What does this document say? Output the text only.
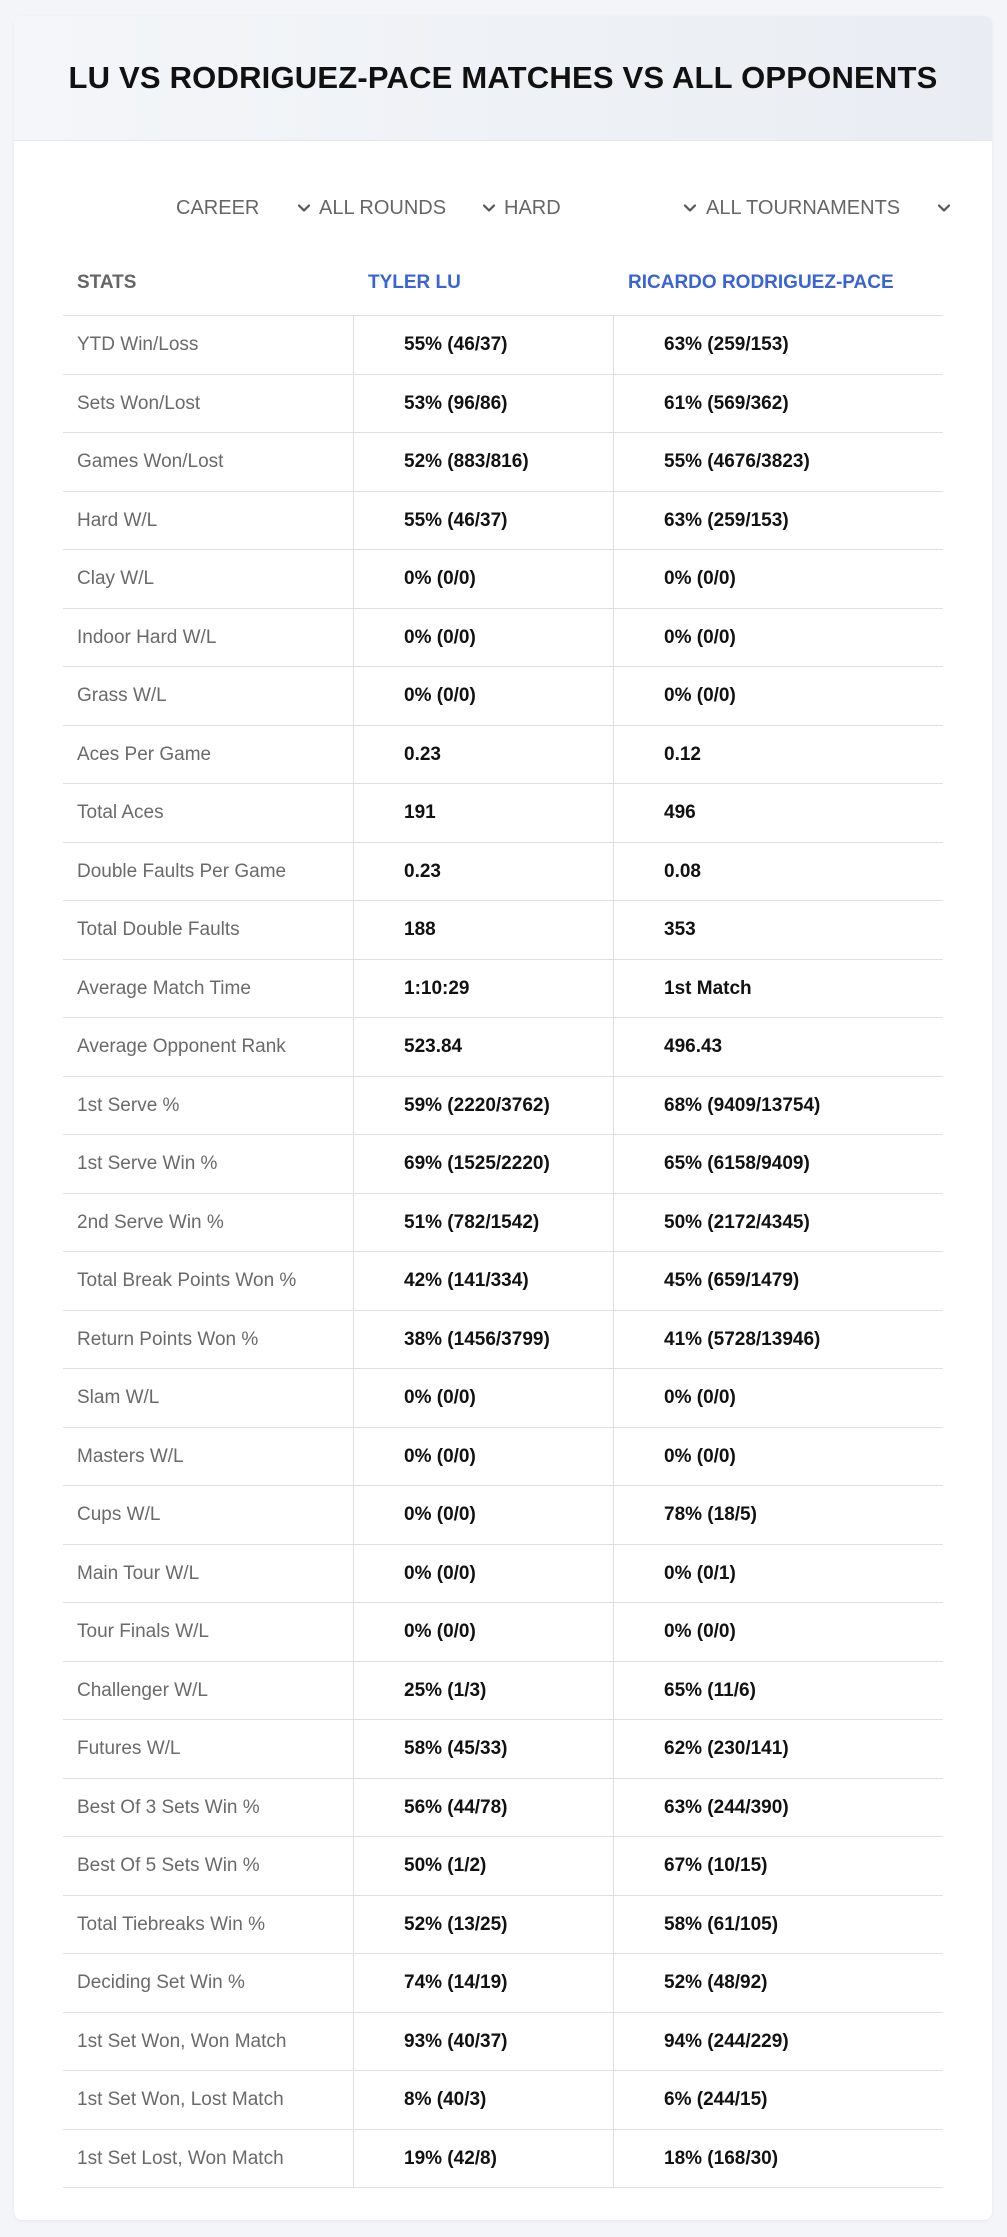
LU VS RODRIGUEZ-PACE MATCHES VS ALL OPPONENTS
CAREER	ALL ROUNDS	HARD	ALL TOURNAMENTS
STATS	TYLER LU	RICARDO RODRIGUEZ-PACE
YTD Win/Loss	55% (46/37)	63% (259/153)
Sets Won/Lost	53% (96/86)	61% (569/362)
Games Won/Lost	52% (883/816)	55% (4676/3823)
Hard W/L	55% (46/37)	63% (259/153)
Clay W/L	0% (0/0)	0% (0/0)
Indoor Hard W/L	0% (0/0)	0% (0/0)
Grass W/L	0% (0/0)	0% (0/0)
Aces Per Game	0.23	0.12
Total Aces	191	496
Double Faults Per Game	0.23	0.08
Total Double Faults	188	353
Average Match Time	1:10:29	1st Match
Average Opponent Rank	523.84	496.43
1st Serve %	59% (2220/3762)	68% (9409/13754)
1st Serve Win %	69% (1525/2220)	65% (6158/9409)
2nd Serve Win %	51% (782/1542)	50% (2172/4345)
Total Break Points Won %	42% (141/334)	45% (659/1479)
Return Points Won %	38% (1456/3799)	41% (5728/13946)
Slam W/L	0% (0/0)	0% (0/0)
Masters W/L	0% (0/0)	0% (0/0)
Cups W/L	0% (0/0)	78% (18/5)
Main Tour W/L	0% (0/0)	0% (0/1)
Tour Finals W/L	0% (0/0)	0% (0/0)
Challenger W/L	25% (1/3)	65% (11/6)
Futures W/L	58% (45/33)	62% (230/141)
Best Of 3 Sets Win %	56% (44/78)	63% (244/390)
Best Of 5 Sets Win %	50% (1/2)	67% (10/15)
Total Tiebreaks Win %	52% (13/25)	58% (61/105)
Deciding Set Win %	74% (14/19)	52% (48/92)
1st Set Won, Won Match	93% (40/37)	94% (244/229)
1st Set Won, Lost Match	8% (40/3)	6% (244/15)
1st Set Lost, Won Match	19% (42/8)	18% (168/30)
